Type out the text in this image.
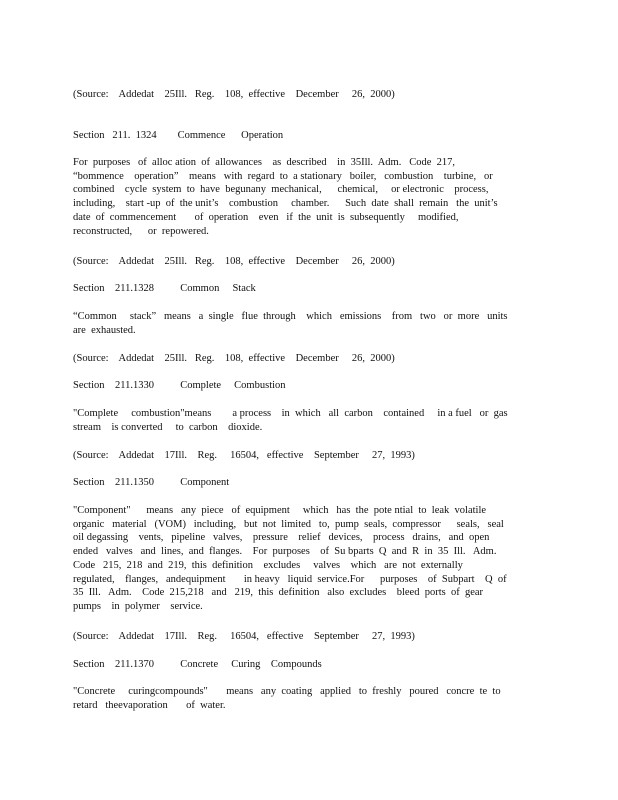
(Source:    Addedat    25Ill.   Reg.    108,  effective    December     26,  2000)
Section   211.  1324        Commence      Operation
For  purposes   of  alloc ation  of  allowances    as  described    in  35Ill.  Adm.   Code  217,
“bommence    operation”    means   with  regard  to  a stationary   boiler,   combustion    turbine,   or
combined    cycle  system  to  have  begunany  mechanical,      chemical,     or electronic    process,
including,    start -up  of  the unit’s    combustion     chamber.      Such  date  shall  remain   the  unit’s
date  of  commencement       of  operation    even   if  the  unit  is  subsequently     modified,
reconstructed,      or  repowered.
(Source:    Addedat    25Ill.   Reg.    108,  effective    December     26,  2000)
Section    211.1328          Common     Stack
“Common     stack”   means   a  single   flue  through    which   emissions    from   two   or  more   units
are  exhausted.
(Source:    Addedat    25Ill.   Reg.    108,  effective    December     26,  2000)
Section    211.1330          Complete     Combustion
"Complete     combustion"means        a process    in  which   all  carbon    contained     in a fuel   or  gas
stream    is converted     to  carbon    dioxide.
(Source:    Addedat    17Ill.    Reg.     16504,   effective    September     27,  1993)
Section    211.1350          Component
"Component"      means   any  piece   of  equipment     which   has  the  pote ntial  to  leak  volatile
organic   material   (VOM)   including,   but  not  limited   to,  pump  seals,  compressor      seals,   seal
oil degassing    vents,   pipeline   valves,    pressure    relief   devices,    process   drains,   and  open
ended   valves   and  lines,  and  flanges.    For  purposes    of  Su bparts  Q  and  R  in  35  Ill.   Adm.
Code   215,  218  and  219,  this  definition    excludes     valves    which   are  not  externally
regulated,    flanges,   andequipment       in heavy   liquid  service.For      purposes    of  Subpart    Q  of
35  Ill.   Adm.    Code  215,218   and   219,  this  definition   also  excludes    bleed  ports  of  gear
pumps    in  polymer    service.
(Source:    Addedat    17Ill.    Reg.     16504,   effective    September     27,  1993)
Section    211.1370          Concrete     Curing    Compounds
"Concrete     curingcompounds"       means   any  coating   applied   to  freshly   poured   concre  te  to
retard   theevaporation       of  water.
